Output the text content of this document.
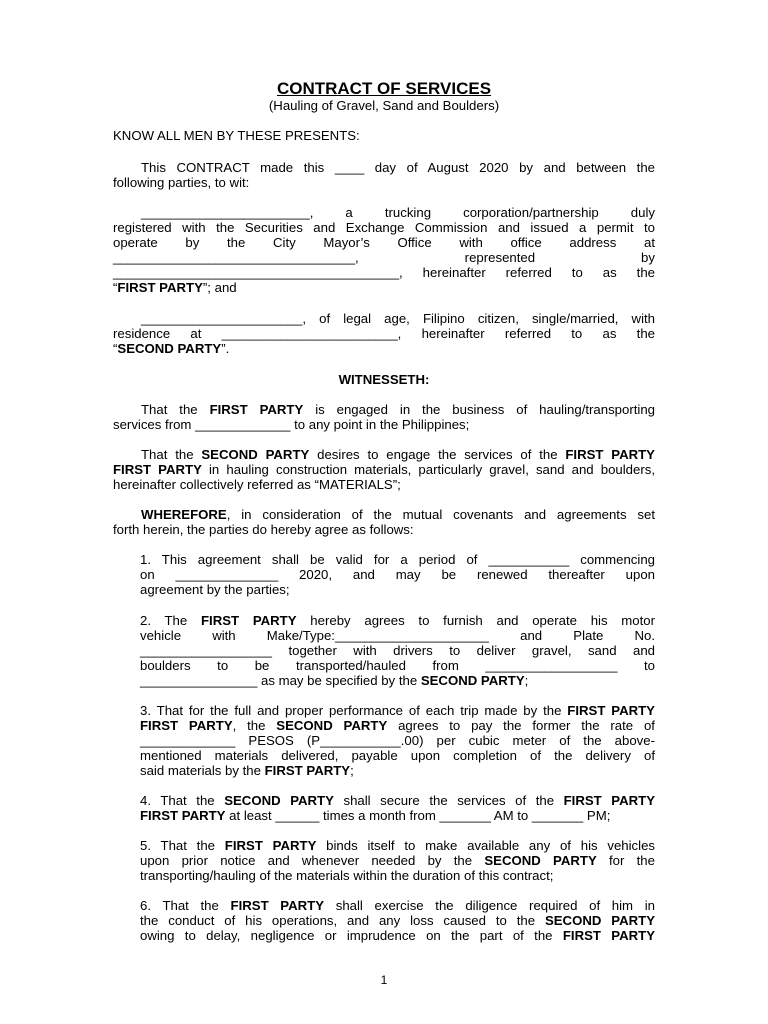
CONTRACT OF SERVICES
(Hauling of Gravel, Sand and Boulders)
KNOW ALL MEN BY THESE PRESENTS:
This CONTRACT made this ____ day of August 2020 by and between the
following parties, to wit:
_______________________, a trucking corporation/partnership duly
registered with the Securities and Exchange Commission and issued a permit to
operate by the City Mayor’s Office with office address at
_________________________________, represented by
_______________________________________, hereinafter referred to as the
“FIRST PARTY”; and
______________________, of legal age, Filipino citizen, single/married, with
residence at ________________________, hereinafter referred to as the
“SECOND PARTY”.
WITNESSETH:
That the FIRST PARTY is engaged in the business of hauling/transporting
services from _____________ to any point in the Philippines;
That the SECOND PARTY desires to engage the services of the FIRST PARTY
FIRST PARTY in hauling construction materials, particularly gravel, sand and boulders,
hereinafter collectively referred as “MATERIALS”;
WHEREFORE, in consideration of the mutual covenants and agreements set
forth herein, the parties do hereby agree as follows:
1. This agreement shall be valid for a period of ___________ commencing
on ______________ 2020, and may be renewed thereafter upon
agreement by the parties;
2. The FIRST PARTY hereby agrees to furnish and operate his motor
vehicle with Make/Type:_____________________ and Plate No.
__________________ together with drivers to deliver gravel, sand and
boulders to be transported/hauled from __________________ to
________________ as may be specified by the SECOND PARTY;
3. That for the full and proper performance of each trip made by the FIRST PARTY
FIRST PARTY, the SECOND PARTY agrees to pay the former the rate of
_____________ PESOS (P___________.00) per cubic meter of the above-
mentioned materials delivered, payable upon completion of the delivery of
said materials by the FIRST PARTY;
4. That the SECOND PARTY shall secure the services of the FIRST PARTY
FIRST PARTY at least ______ times a month from _______ AM to _______ PM;
5. That the FIRST PARTY binds itself to make available any of his vehicles
upon prior notice and whenever needed by the SECOND PARTY for the
transporting/hauling of the materials within the duration of this contract;
6. That the FIRST PARTY shall exercise the diligence required of him in
the conduct of his operations, and any loss caused to the SECOND PARTY
owing to delay, negligence or imprudence on the part of the FIRST PARTY
1
